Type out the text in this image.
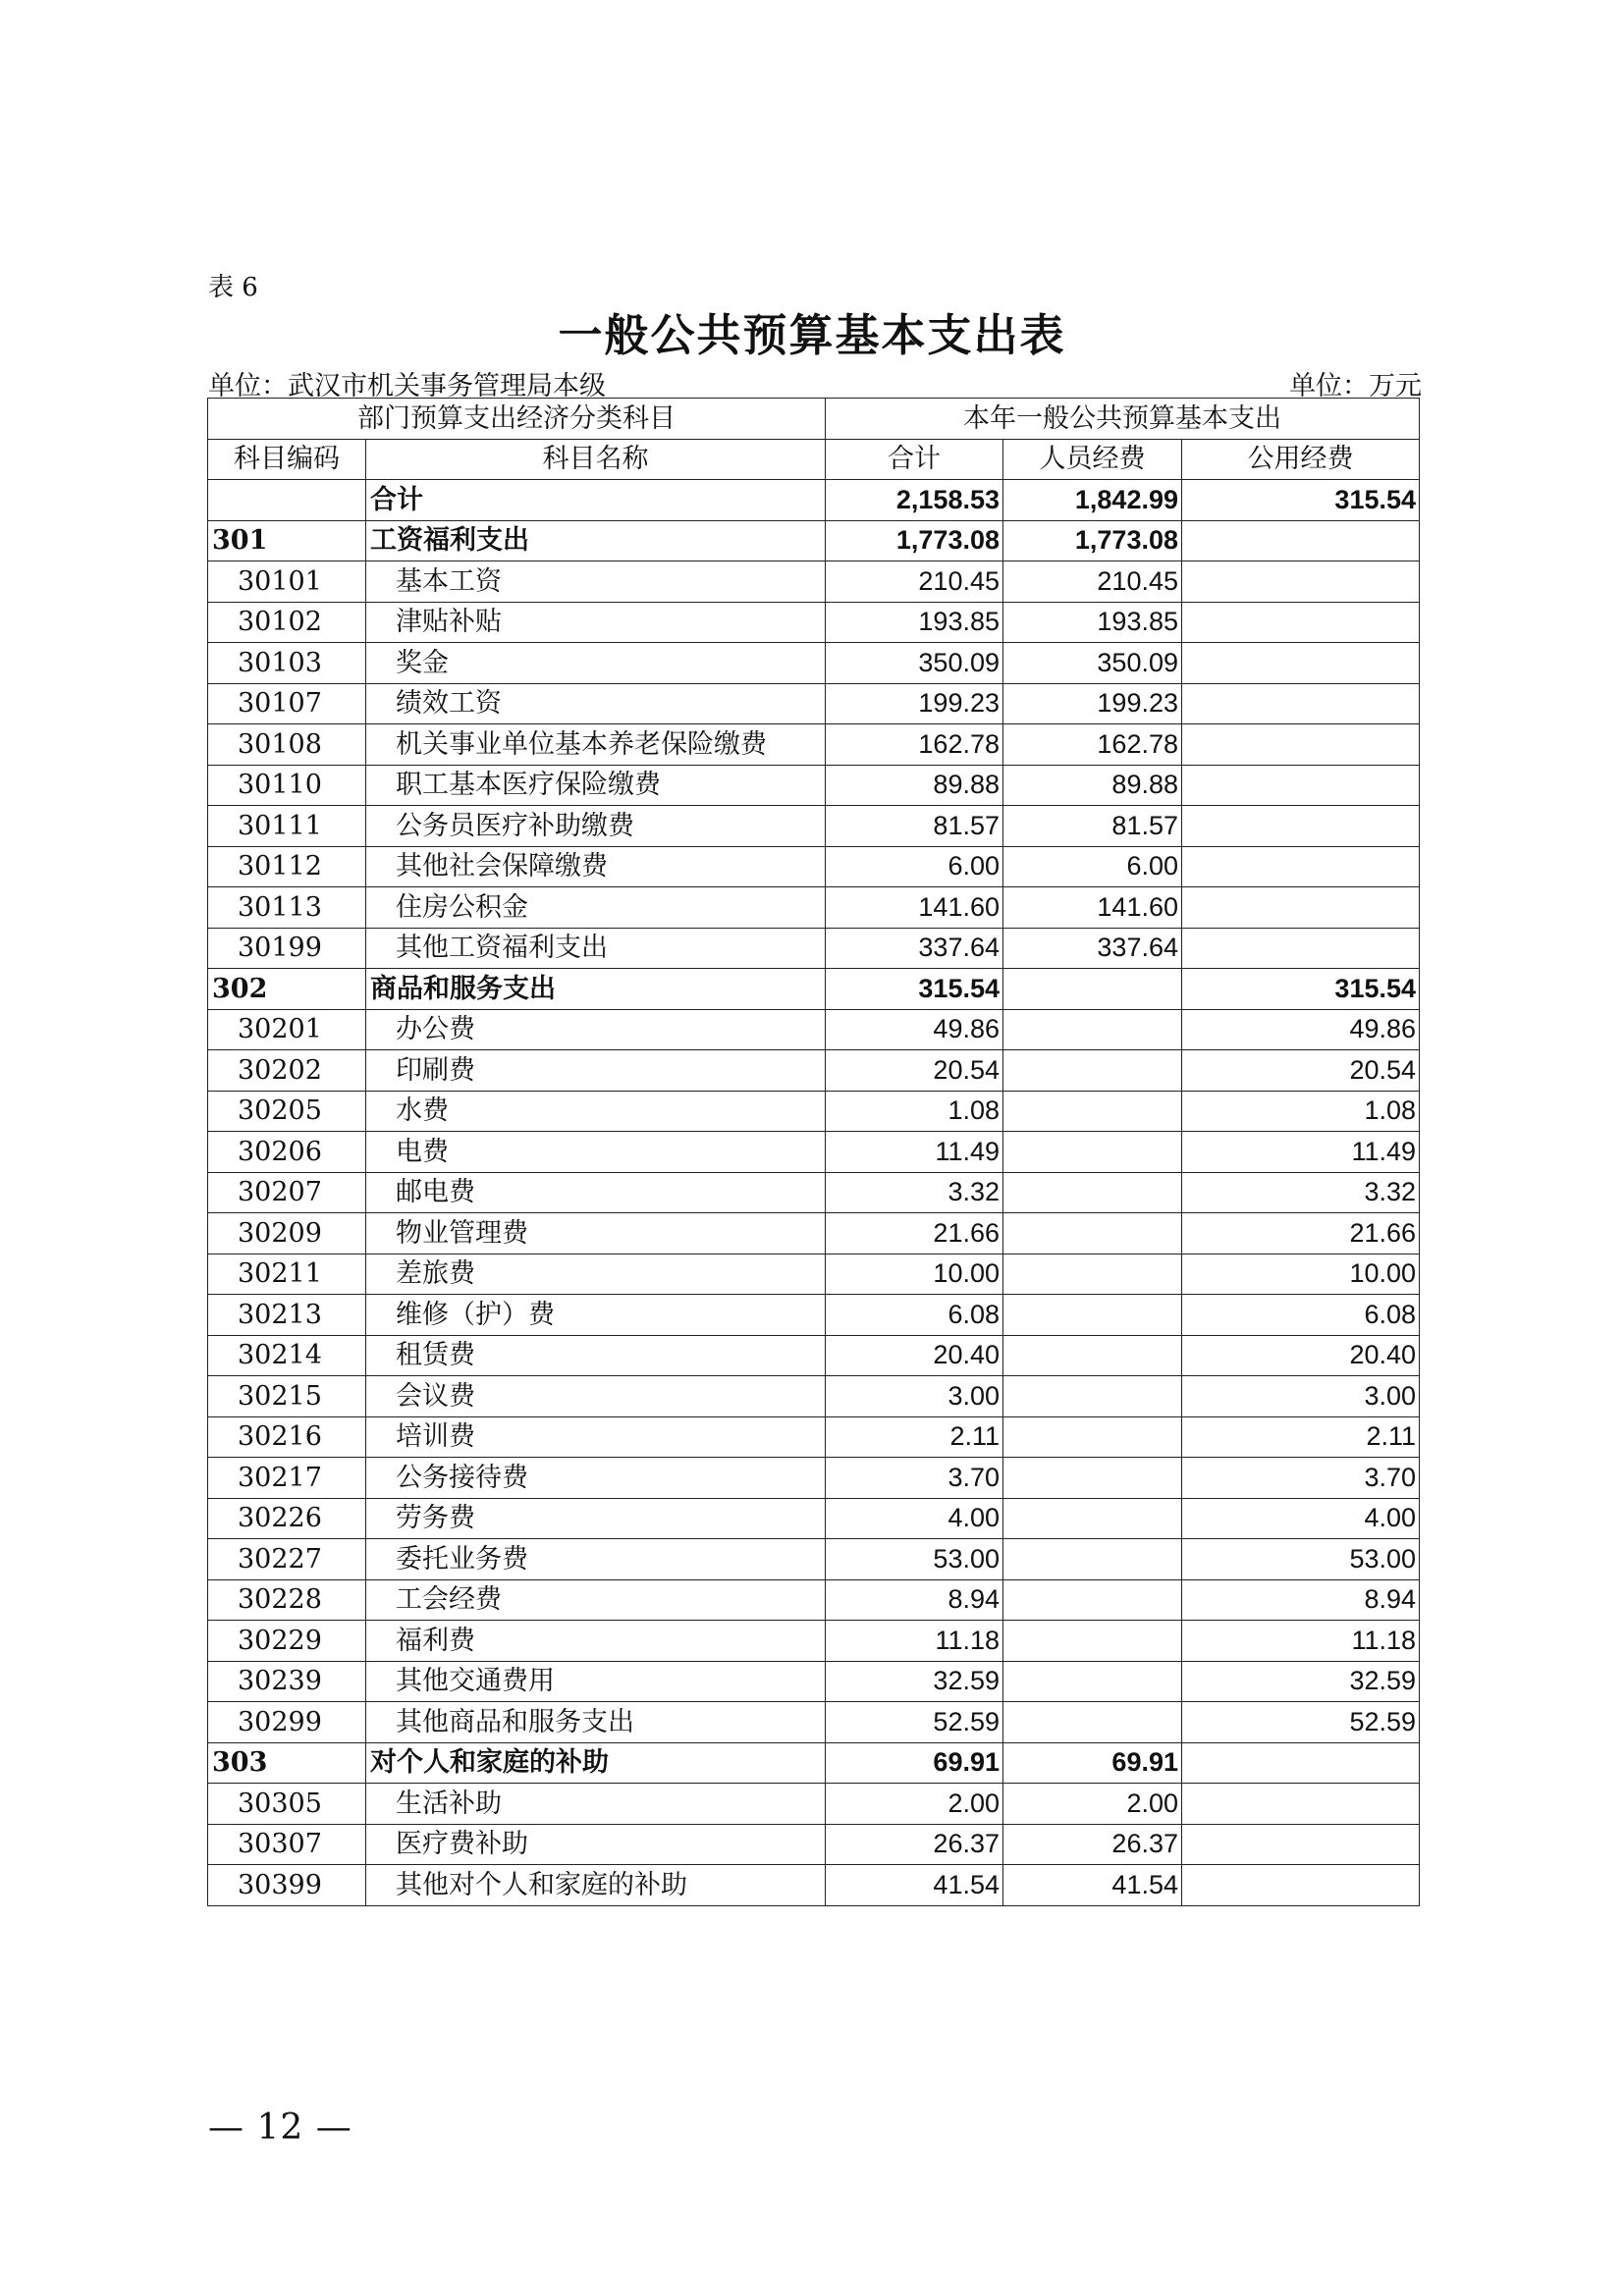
表 6
一般公共预算基本支出表
单位：武汉市机关事务管理局本级	单位：万元
部门预算支出经济分类科目		本年一般公共预算基本支出		
科目编码	科目名称	合计	人员经费	公用经费
	合计	2,158.53	1,842.99	315.54
301	工资福利支出	1,773.08	1,773.08	
30101	基本工资	210.45	210.45	
30102	津贴补贴	193.85	193.85	
30103	奖金	350.09	350.09	
30107	绩效工资	199.23	199.23	
30108	机关事业单位基本养老保险缴费	162.78	162.78	
30110	职工基本医疗保险缴费	89.88	89.88	
30111	公务员医疗补助缴费	81.57	81.57	
30112	其他社会保障缴费	6.00	6.00	
30113	住房公积金	141.60	141.60	
30199	其他工资福利支出	337.64	337.64	
302	商品和服务支出	315.54		315.54
30201	办公费	49.86		49.86
30202	印刷费	20.54		20.54
30205	水费	1.08		1.08
30206	电费	11.49		11.49
30207	邮电费	3.32		3.32
30209	物业管理费	21.66		21.66
30211	差旅费	10.00		10.00
30213	维修（护）费	6.08		6.08
30214	租赁费	20.40		20.40
30215	会议费	3.00		3.00
30216	培训费	2.11		2.11
30217	公务接待费	3.70		3.70
30226	劳务费	4.00		4.00
30227	委托业务费	53.00		53.00
30228	工会经费	8.94		8.94
30229	福利费	11.18		11.18
30239	其他交通费用	32.59		32.59
30299	其他商品和服务支出	52.59		52.59
303	对个人和家庭的补助	69.91	69.91	
30305	生活补助	2.00	2.00	
30307	医疗费补助	26.37	26.37	
30399	其他对个人和家庭的补助	41.54	41.54	
— 12 —
